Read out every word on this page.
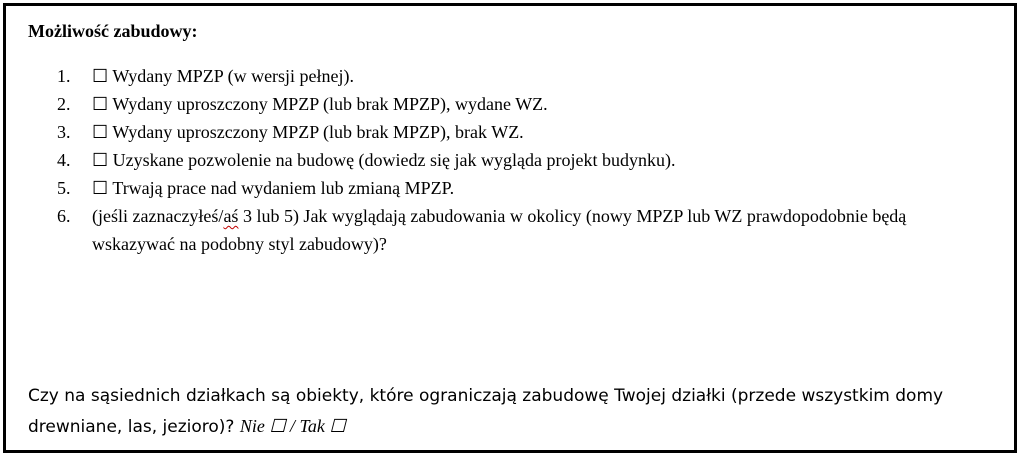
Możliwość zabudowy:
1.	☐ Wydany MPZP (w wersji pełnej).
2.	☐ Wydany uproszczony MPZP (lub brak MPZP), wydane WZ.
3.	☐ Wydany uproszczony MPZP (lub brak MPZP), brak WZ.
4.	☐ Uzyskane pozwolenie na budowę (dowiedz się jak wygląda projekt budynku).
5.	☐ Trwają prace nad wydaniem lub zmianą MPZP.
6.	(jeśli zaznaczyłeś/aś 3 lub 5) Jak wyglądają zabudowania w okolicy (nowy MPZP lub WZ prawdopodobnie będą wskazywać na podobny styl zabudowy)?
Czy na sąsiednich działkach są obiekty, które ograniczają zabudowę Twojej działki (przede wszystkim domy drewniane, las, jezioro)? Nie ☐ / Tak ☐
